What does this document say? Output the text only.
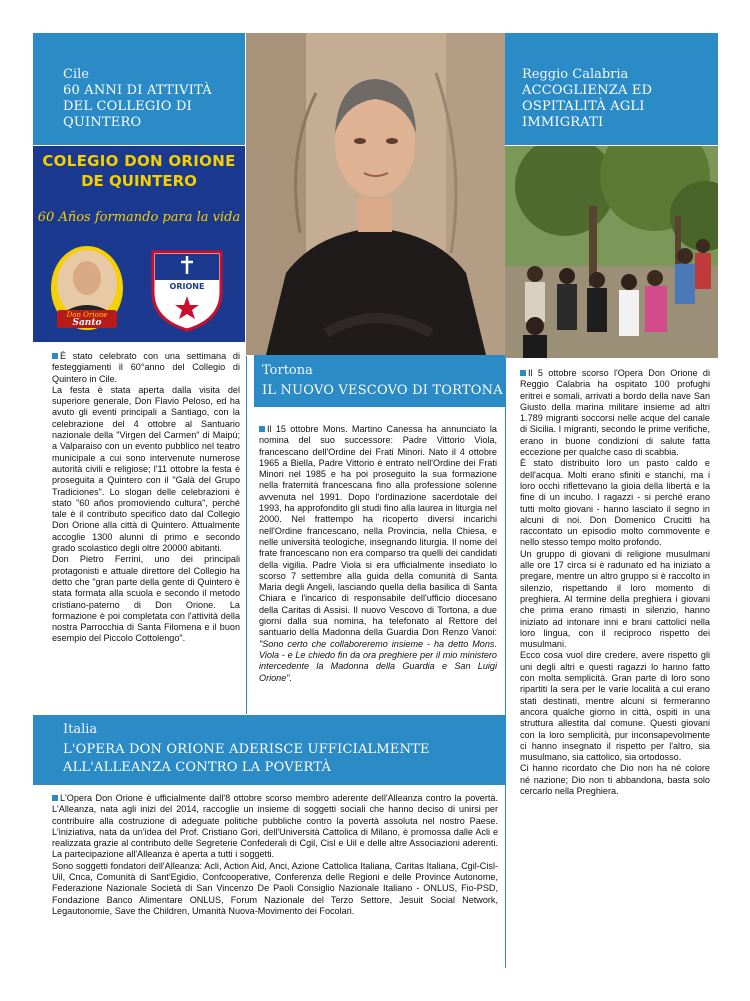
Cile
60 ANNI DI ATTIVITÀ DEL COLLEGIO DI QUINTERO
COLEGIO DON ORIONE
DE QUINTERO
60 Años formando para la vida
Don Orione
Santo
ORIONE

È stato celebrato con una settimana di festeggiamenti il 60°anno del Collegio di Quintero in Cile.

La festa è stata aperta dalla visita del superiore generale, Don Flavio Peloso, ed ha avuto gli eventi principali a Santiago, con la celebrazione del 4 ottobre al Santuario nazionale della "Virgen del Carmen" di Maipú; a Valparaiso con un evento pubblico nel teatro municipale a cui sono intervenute numerose autorità civili e religiose; l'11 ottobre la festa è proseguita a Quintero con il "Galà del Grupo Tradiciones". Lo slogan delle celebrazioni è stato "60 años promoviendo cultura", perché tale è il contributo specifico dato dal Collegio Don Orione alla città di Quintero. Attualmente accoglie 1300 alunni di primo e secondo grado scolastico degli oltre 20000 abitanti.

Don Pietro Ferrini, uno dei principali protagonisti e attuale direttore del Collegio ha detto che "gran parte della gente di Quintero è stata formata alla scuola e secondo il metodo cristiano-paterno di Don Orione. La formazione è poi completata con l'attività della nostra Parrocchia di Santa Filomena e il buon esempio del Piccolo Cottolengo".

Tortona
IL NUOVO VESCOVO DI TORTONA

Il 15 ottobre Mons. Martino Canessa ha annunciato la nomina del suo successore: Padre Vittorio Viola, francescano dell'Ordine dei Frati Minori. Nato il 4 ottobre 1965 a Biella, Padre Vittorio è entrato nell'Ordine dei Frati Minori nel 1985 e ha poi proseguito la sua formazione nella fraternità francescana fino alla professione solenne avvenuta nel 1991. Dopo l'ordinazione sacerdotale del 1993, ha approfondito gli studi fino alla laurea in liturgia nel 2000. Nel frattempo ha ricoperto diversi incarichi nell'Ordine francescano, nella Provincia, nella Chiesa, e nelle università teologiche, insegnando liturgia. Il nome del frate francescano non era comparso tra quelli dei candidati della vigilia. Padre Viola si era ufficialmente insediato lo scorso 7 settembre alla guida della comunità di Santa Maria degli Angeli, lasciando quella della basilica di Santa Chiara e l'incarico di responsabile dell'ufficio diocesano della Caritas di Assisi. Il nuovo Vescovo di Tortona, a due giorni dalla sua nomina, ha telefonato al Rettore del santuario della Madonna della Guardia Don Renzo Vanoi: "Sono certo che collaboreremo insieme - ha detto Mons. Viola - e Le chiedo fin da ora preghiere per il mio ministero intercedente la Madonna della Guardia e San Luigi Orione".

Reggio Calabria
ACCOGLIENZA ED OSPITALITÀ AGLI IMMIGRATI

Il 5 ottobre scorso l'Opera Don Orione di Reggio Calabria ha ospitato 100 profughi eritrei e somali, arrivati a bordo della nave San Giusto della marina militare insieme ad altri 1.789 migranti soccorsi nelle acque del canale di Sicilia. I migranti, secondo le prime verifiche, erano in buone condizioni di salute fatta eccezione per qualche caso di scabbia.

È stato distribuito loro un pasto caldo e dell'acqua. Molti erano sfiniti e stanchi, ma i loro occhi riflettevano la gioia della libertà e la fine di un incubo. I ragazzi - si perché erano tutti molto giovani - hanno lasciato il segno in alcuni di noi. Don Domenico Crucitti ha raccontato un episodio molto commovente e nello stesso tempo molto profondo.

Un gruppo di giovani di religione musulmani alle ore 17 circa si è radunato ed ha iniziato a pregare, mentre un altro gruppo si è raccolto in silenzio, rispettando il loro momento di preghiera. Al termine della preghiera i giovani che prima erano rimasti in silenzio, hanno iniziato ad intonare inni e brani cattolici nella loro lingua, con il reciproco rispetto dei musulmani.

Ecco cosa vuol dire credere, avere rispetto gli uni degli altri e questi ragazzi lo hanno fatto con molta semplicità. Gran parte di loro sono ripartiti la sera per le varie località a cui erano stati destinati, mentre alcuni si fermeranno ancora qualche giorno in città, ospiti in una struttura allestita dal comune. Questi giovani con la loro semplicità, pur inconsapevolmente ci hanno insegnato il rispetto per l'altro, sia musulmano, sia cattolico, sia ortodosso.

Ci hanno ricordato che Dio non ha né colore né nazione; Dio non ti abbandona, basta solo cercarlo nella Preghiera.

Italia
L'OPERA DON ORIONE ADERISCE UFFICIALMENTE
ALL'ALLEANZA CONTRO LA POVERTÀ

L'Opera Don Orione è ufficialmente dall'8 ottobre scorso membro aderente dell'Alleanza contro la povertà. L'Alleanza, nata agli inizi del 2014, raccoglie un insieme di soggetti sociali che hanno deciso di unirsi per contribuire alla costruzione di adeguate politiche pubbliche contro la povertà assoluta nel nostro Paese. L'iniziativa, nata da un'idea del Prof. Cristiano Gori, dell'Università Cattolica di Milano, è promossa dalle Acli e realizzata grazie al contributo delle Segreterie Confederali di Cgil, Cisl e Uil e delle altre Associazioni aderenti. La partecipazione all'Alleanza è aperta a tutti i soggetti.

Sono soggetti fondatori dell'Alleanza: Acli, Action Aid, Anci, Azione Cattolica Italiana, Caritas Italiana, Cgil-Cisl-Uil, Cnca, Comunità di Sant'Egidio, Confcooperative, Conferenza delle Regioni e delle Province Autonome, Federazione Nazionale Società di San Vincenzo De Paoli Consiglio Nazionale Italiano - ONLUS, Fio-PSD, Fondazione Banco Alimentare ONLUS, Forum Nazionale del Terzo Settore, Jesuit Social Network, Legautonomie, Save the Children, Umanità Nuova-Movimento dei Focolari.
